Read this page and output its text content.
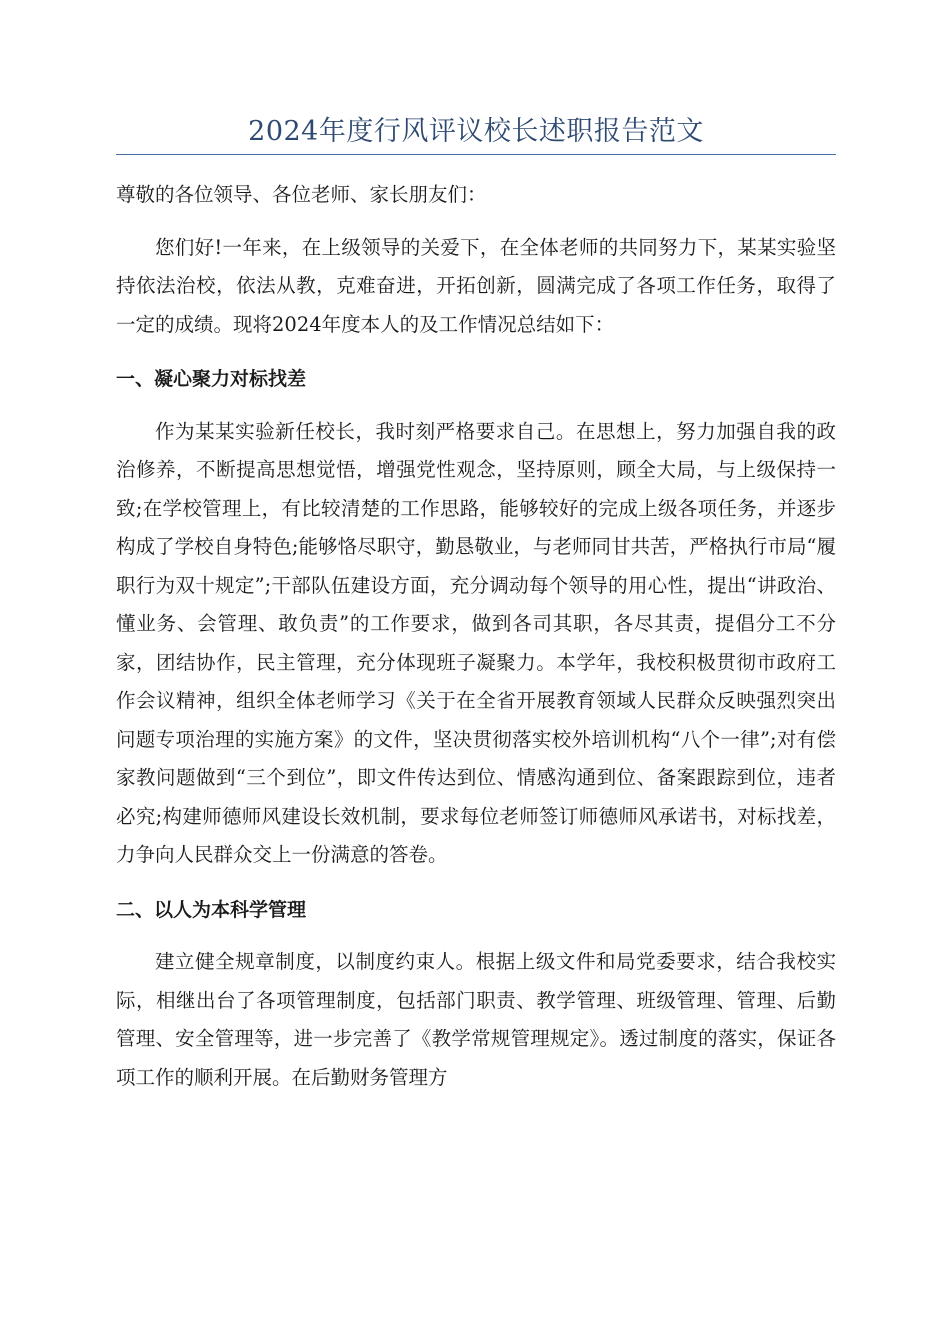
2024年度行风评议校长述职报告范文

尊敬的各位领导、各位老师、家长朋友们：

您们好!一年来，在上级领导的关爱下，在全体老师的共同努力下，某某实验坚持依法治校，依法从教，克难奋进，开拓创新，圆满完成了各项工作任务，取得了一定的成绩。现将2024年度本人的及工作情况总结如下：

一、凝心聚力对标找差

作为某某实验新任校长，我时刻严格要求自己。在思想上，努力加强自我的政治修养，不断提高思想觉悟，增强党性观念，坚持原则，顾全大局，与上级保持一致;在学校管理上，有比较清楚的工作思路，能够较好的完成上级各项任务，并逐步构成了学校自身特色;能够恪尽职守，勤恳敬业，与老师同甘共苦，严格执行市局“履职行为双十规定”;干部队伍建设方面，充分调动每个领导的用心性，提出“讲政治、懂业务、会管理、敢负责”的工作要求，做到各司其职，各尽其责，提倡分工不分家，团结协作，民主管理，充分体现班子凝聚力。本学年，我校积极贯彻市政府工作会议精神，组织全体老师学习《关于在全省开展教育领域人民群众反映强烈突出问题专项治理的实施方案》的文件，坚决贯彻落实校外培训机构“八个一律”;对有偿家教问题做到“三个到位”，即文件传达到位、情感沟通到位、备案跟踪到位，违者必究;构建师德师风建设长效机制，要求每位老师签订师德师风承诺书，对标找差，力争向人民群众交上一份满意的答卷。

二、以人为本科学管理

建立健全规章制度，以制度约束人。根据上级文件和局党委要求，结合我校实际，相继出台了各项管理制度，包括部门职责、教学管理、班级管理、管理、后勤管理、安全管理等，进一步完善了《教学常规管理规定》。透过制度的落实，保证各项工作的顺利开展。在后勤财务管理方
